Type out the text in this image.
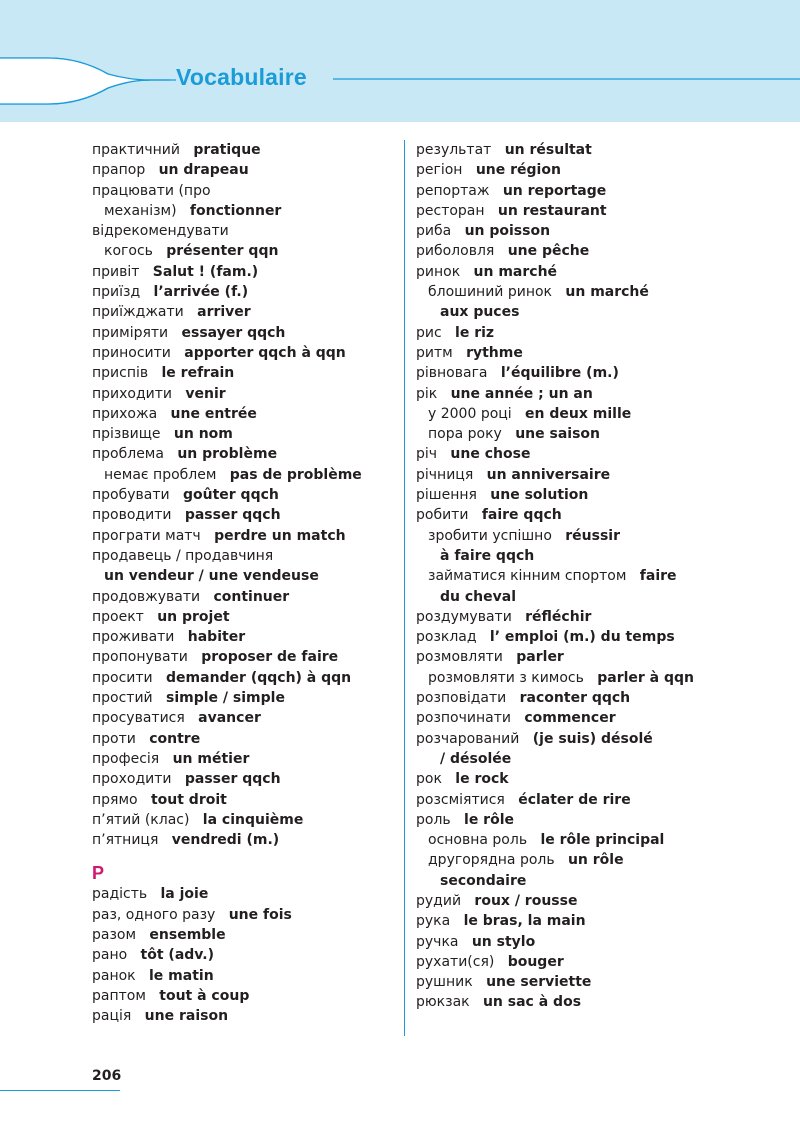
Vocabulaire
практичний pratique
прапор un drapeau
працювати (про
механізм) fonctionner
відрекомендувати
когось présenter qqn
привіт Salut ! (fam.)
приїзд l’arrivée (f.)
приїжджати arriver
приміряти essayer qqch
приносити apporter qqch à qqn
приспів le refrain
приходити venir
прихожа une entrée
прізвище un nom
проблема un problème
немає проблем pas de problème
пробувати goûter qqch
проводити passer qqch
програти матч perdre un match
продавець / продавчиня
un vendeur / une vendeuse
продовжувати continuer
проект un projet
проживати habiter
пропонувати proposer de faire
просити demander (qqch) à qqn
простий simple / simple
просуватися avancer
проти contre
професія un métier
проходити passer qqch
прямо tout droit
п’ятий (клас) la cinquième
п’ятниця vendredi (m.)
Р
радість la joie
раз, одного разу une fois
разом ensemble
рано tôt (adv.)
ранок le matin
раптом tout à coup
рація une raison
результат un résultat
регіон une région
репортаж un reportage
ресторан un restaurant
риба un poisson
риболовля une pêche
ринок un marché
блошиний ринок un marché
aux puces
рис le riz
ритм rythme
рівновага l’équilibre (m.)
рік une année ; un an
у 2000 році en deux mille
пора року une saison
річ une chose
річниця un anniversaire
рішення une solution
робити faire qqch
зробити успішно réussir
à faire qqch
займатися кінним спортом faire
du cheval
роздумувати réfléchir
розклад l’ emploi (m.) du temps
розмовляти parler
розмовляти з кимось parler à qqn
розповідати raconter qqch
розпочинати commencer
розчарований (je suis) désolé
/ désolée
рок le rock
розсміятися éclater de rire
роль le rôle
основна роль le rôle principal
другорядна роль un rôle
secondaire
рудий roux / rousse
рука le bras, la main
ручка un stylo
рухати(ся) bouger
рушник une serviette
рюкзак un sac à dos
206
